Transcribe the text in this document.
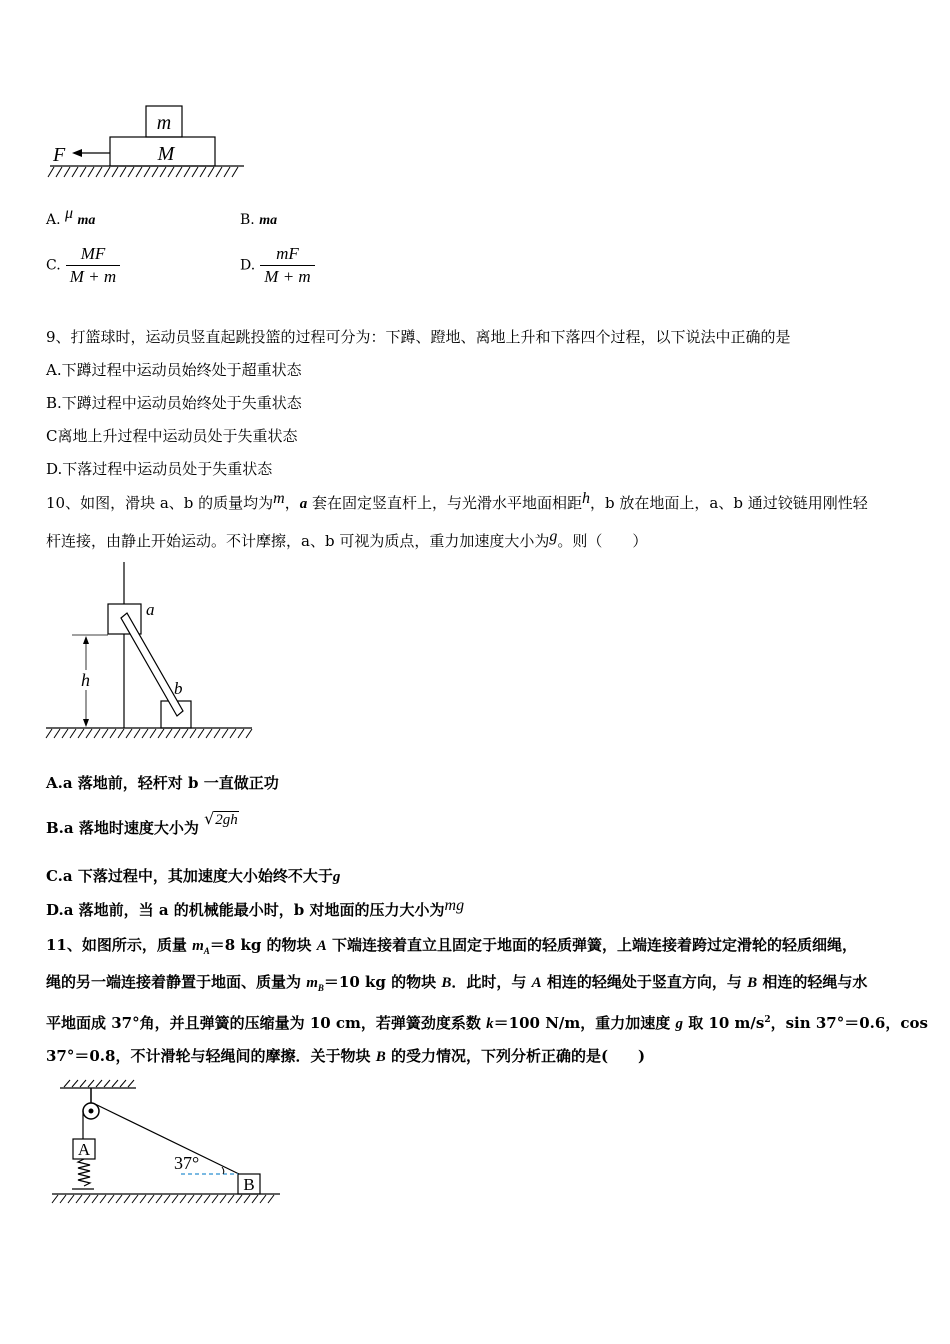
m
M
F
A. μ ma	B. ma
C. $\frac{MF}{M + m}$	D. $\frac{mF}{M + m}$
9、打篮球时，运动员竖直起跳投篮的过程可分为：下蹲、蹬地、离地上升和下落四个过程，以下说法中正确的是
A.下蹲过程中运动员始终处于超重状态
B.下蹲过程中运动员始终处于失重状态
C离地上升过程中运动员处于失重状态
D.下落过程中运动员处于失重状态
10、如图，滑块 a、b 的质量均为m，a 套在固定竖直杆上，与光滑水平地面相距h，b 放在地面上，a、b 通过铰链用刚性轻
杆连接，由静止开始运动。不计摩擦，a、b 可视为质点，重力加速度大小为g。则（　　）
a
b
h
A.a 落地前，轻杆对 b 一直做正功
B.a 落地时速度大小为 √2gh
C.a 下落过程中，其加速度大小始终不大于g
D.a 落地前，当 a 的机械能最小时，b 对地面的压力大小为mg
11、如图所示，质量 $m_A=8$ kg 的物块 A 下端连接着直立且固定于地面的轻质弹簧，上端连接着跨过定滑轮的轻质细绳，
绳的另一端连接着静置于地面、质量为 $m_B=10$ kg 的物块 B．此时，与 A 相连的轻绳处于竖直方向，与 B 相连的轻绳与水
平地面成 37°角，并且弹簧的压缩量为 10 cm，若弹簧劲度系数 k＝100 N/m，重力加速度 g 取 10 $m/s^2$，sin 37°＝0.6，cos
37°＝0.8，不计滑轮与轻绳间的摩擦．关于物块 B 的受力情况，下列分析正确的是(　　)
A
B
37°
